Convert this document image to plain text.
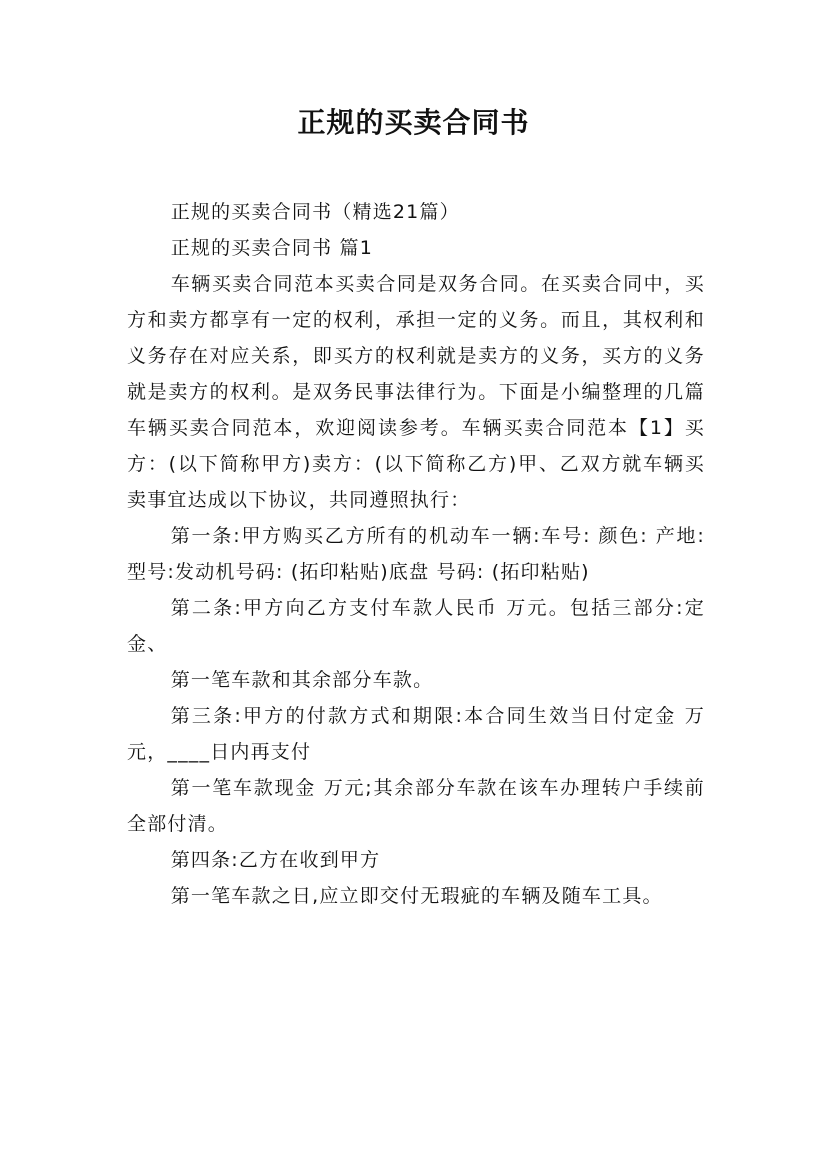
正规的买卖合同书

正规的买卖合同书（精选21篇）

正规的买卖合同书 篇1

车辆买卖合同范本买卖合同是双务合同。在买卖合同中，买方和卖方都享有一定的权利，承担一定的义务。而且，其权利和义务存在对应关系，即买方的权利就是卖方的义务，买方的义务就是卖方的权利。是双务民事法律行为。下面是小编整理的几篇车辆买卖合同范本，欢迎阅读参考。车辆买卖合同范本【1】买方：(以下简称甲方)卖方：(以下简称乙方)甲、乙双方就车辆买卖事宜达成以下协议，共同遵照执行：

第一条:甲方购买乙方所有的机动车一辆:车号: 颜色: 产地: 型号:发动机号码: (拓印粘贴)底盘 号码: (拓印粘贴)

第二条:甲方向乙方支付车款人民币 万元。包括三部分:定金、

第一笔车款和其余部分车款。

第三条:甲方的付款方式和期限:本合同生效当日付定金 万元，____日内再支付

第一笔车款现金 万元;其余部分车款在该车办理转户手续前全部付清。

第四条:乙方在收到甲方

第一笔车款之日,应立即交付无瑕疵的车辆及随车工具。
